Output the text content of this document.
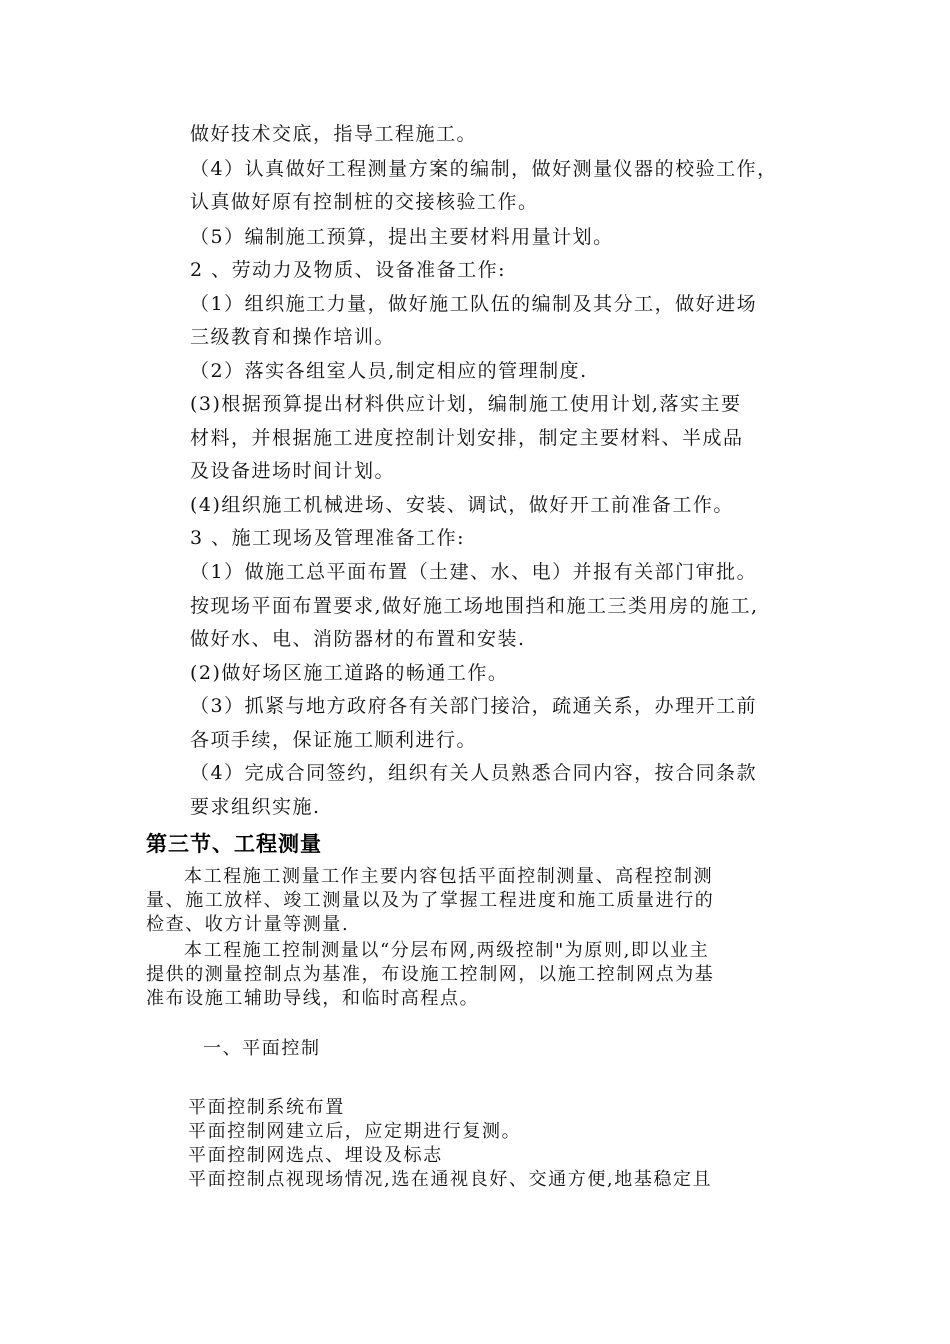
做好技术交底，指导工程施工。
（4）认真做好工程测量方案的编制，做好测量仪器的校验工作，
认真做好原有控制桩的交接核验工作。
（5）编制施工预算，提出主要材料用量计划。
2 、劳动力及物质、设备准备工作:
（1）组织施工力量，做好施工队伍的编制及其分工，做好进场
三级教育和操作培训。
（2）落实各组室人员,制定相应的管理制度.
(3)根据预算提出材料供应计划，编制施工使用计划,落实主要
材料，并根据施工进度控制计划安排，制定主要材料、半成品
及设备进场时间计划。
(4)组织施工机械进场、安装、调试，做好开工前准备工作。
3 、施工现场及管理准备工作:
（1）做施工总平面布置（土建、水、电）并报有关部门审批。
按现场平面布置要求,做好施工场地围挡和施工三类用房的施工,
做好水、电、消防器材的布置和安装.
(2)做好场区施工道路的畅通工作。
（3）抓紧与地方政府各有关部门接洽，疏通关系，办理开工前
各项手续，保证施工顺利进行。
（4）完成合同签约，组织有关人员熟悉合同内容，按合同条款
要求组织实施.
第三节、工程测量
本工程施工测量工作主要内容包括平面控制测量、高程控制测
量、施工放样、竣工测量以及为了掌握工程进度和施工质量进行的
检查、收方计量等测量.
本工程施工控制测量以“分层布网,两级控制"为原则,即以业主
提供的测量控制点为基准，布设施工控制网，以施工控制网点为基
准布设施工辅助导线，和临时高程点。
一、平面控制
平面控制系统布置
平面控制网建立后，应定期进行复测。
平面控制网选点、埋设及标志
平面控制点视现场情况,选在通视良好、交通方便,地基稳定且
